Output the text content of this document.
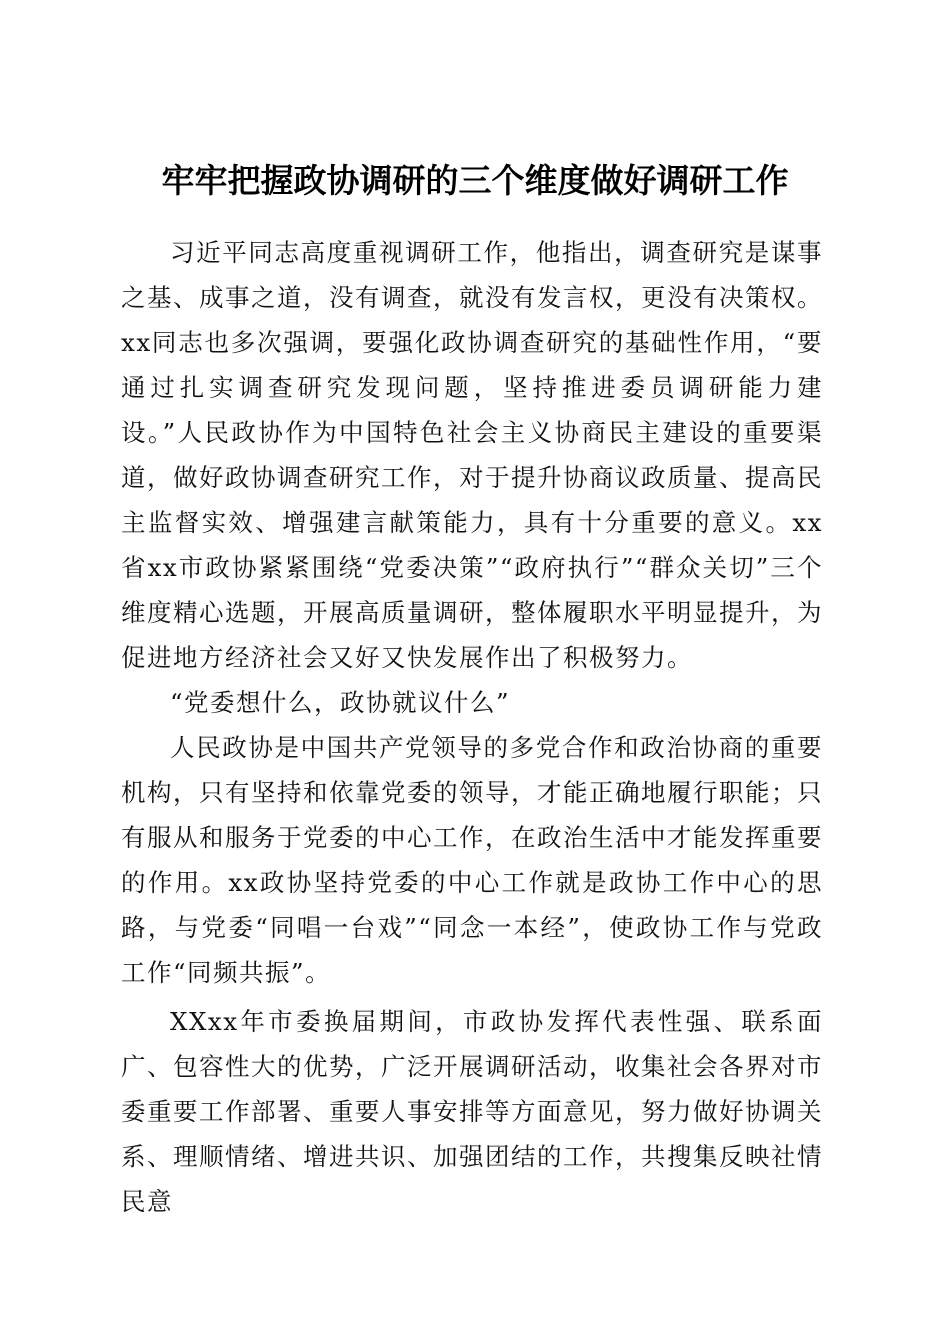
牢牢把握政协调研的三个维度做好调研工作

习近平同志高度重视调研工作，他指出，调查研究是谋事之基、成事之道，没有调查，就没有发言权，更没有决策权。xx同志也多次强调，要强化政协调查研究的基础性作用，“要通过扎实调查研究发现问题，坚持推进委员调研能力建设。”人民政协作为中国特色社会主义协商民主建设的重要渠道，做好政协调查研究工作，对于提升协商议政质量、提高民主监督实效、增强建言献策能力，具有十分重要的意义。xx省xx市政协紧紧围绕“党委决策”“政府执行”“群众关切”三个维度精心选题，开展高质量调研，整体履职水平明显提升，为促进地方经济社会又好又快发展作出了积极努力。

“党委想什么，政协就议什么”

人民政协是中国共产党领导的多党合作和政治协商的重要机构，只有坚持和依靠党委的领导，才能正确地履行职能；只有服从和服务于党委的中心工作，在政治生活中才能发挥重要的作用。xx政协坚持党委的中心工作就是政协工作中心的思路，与党委“同唱一台戏”“同念一本经”，使政协工作与党政工作“同频共振”。

XXxx年市委换届期间，市政协发挥代表性强、联系面广、包容性大的优势，广泛开展调研活动，收集社会各界对市委重要工作部署、重要人事安排等方面意见，努力做好协调关系、理顺情绪、增进共识、加强团结的工作，共搜集反映社情民意
